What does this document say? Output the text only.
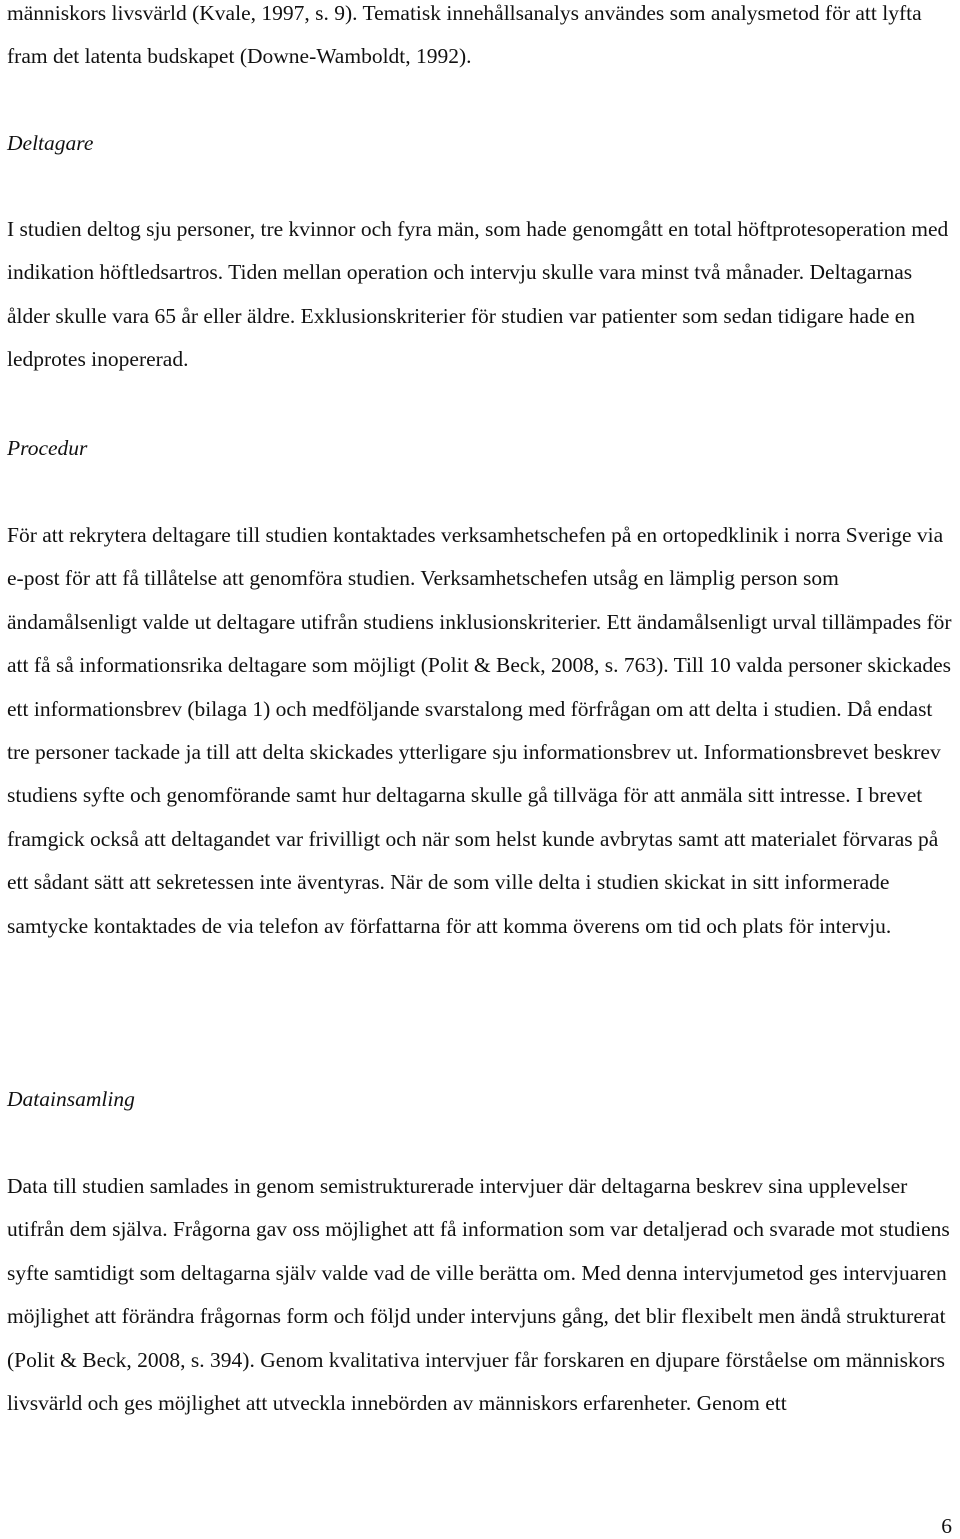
människors livsvärld (Kvale, 1997, s. 9). Tematisk innehållsanalys användes som analysmetod för att lyfta fram det latenta budskapet (Downe-Wamboldt, 1992).

Deltagare

I studien deltog sju personer, tre kvinnor och fyra män, som hade genomgått en total höftprotesoperation med indikation höftledsartros. Tiden mellan operation och intervju skulle vara minst två månader. Deltagarnas ålder skulle vara 65 år eller äldre. Exklusionskriterier för studien var patienter som sedan tidigare hade en ledprotes inopererad.

Procedur

För att rekrytera deltagare till studien kontaktades verksamhetschefen på en ortopedklinik i norra Sverige via e-post för att få tillåtelse att genomföra studien. Verksamhetschefen utsåg en lämplig person som ändamålsenligt valde ut deltagare utifrån studiens inklusionskriterier. Ett ändamålsenligt urval tillämpades för att få så informationsrika deltagare som möjligt (Polit & Beck, 2008, s. 763). Till 10 valda personer skickades ett informationsbrev (bilaga 1) och medföljande svarstalong med förfrågan om att delta i studien. Då endast tre personer tackade ja till att delta skickades ytterligare sju informationsbrev ut. Informationsbrevet beskrev studiens syfte och genomförande samt hur deltagarna skulle gå tillväga för att anmäla sitt intresse. I brevet framgick också att deltagandet var frivilligt och när som helst kunde avbrytas samt att materialet förvaras på ett sådant sätt att sekretessen inte äventyras. När de som ville delta i studien skickat in sitt informerade samtycke kontaktades de via telefon av författarna för att komma överens om tid och plats för intervju.

Datainsamling

Data till studien samlades in genom semistrukturerade intervjuer där deltagarna beskrev sina upplevelser utifrån dem själva. Frågorna gav oss möjlighet att få information som var detaljerad och svarade mot studiens syfte samtidigt som deltagarna själv valde vad de ville berätta om. Med denna intervjumetod ges intervjuaren möjlighet att förändra frågornas form och följd under intervjuns gång, det blir flexibelt men ändå strukturerat (Polit & Beck, 2008, s. 394). Genom kvalitativa intervjuer får forskaren en djupare förståelse om människors livsvärld och ges möjlighet att utveckla innebörden av människors erfarenheter. Genom ett

6
